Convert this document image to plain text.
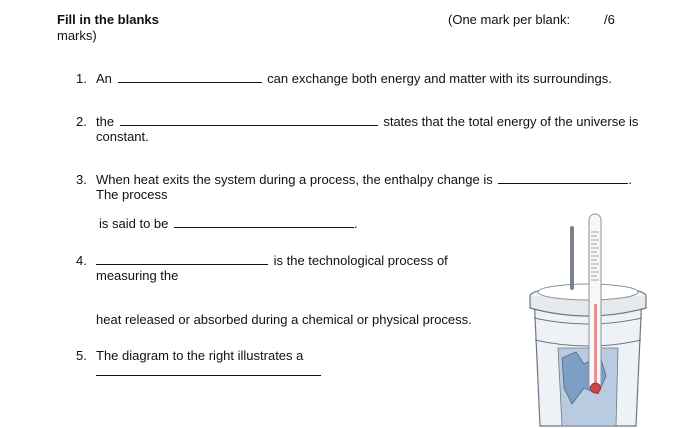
Fill in the blanks
marks)
(One mark per blank:	/6
1. An	can exchange both energy and matter with its surroundings.
2. the	states that the total energy of the universe is
constant.
3. When heat exits the system during a process, the enthalpy change is	.
The process
is said to be	.
4.	is the technological process of
measuring the
heat released or absorbed during a chemical or physical process.
5. The diagram to the right illustrates a
